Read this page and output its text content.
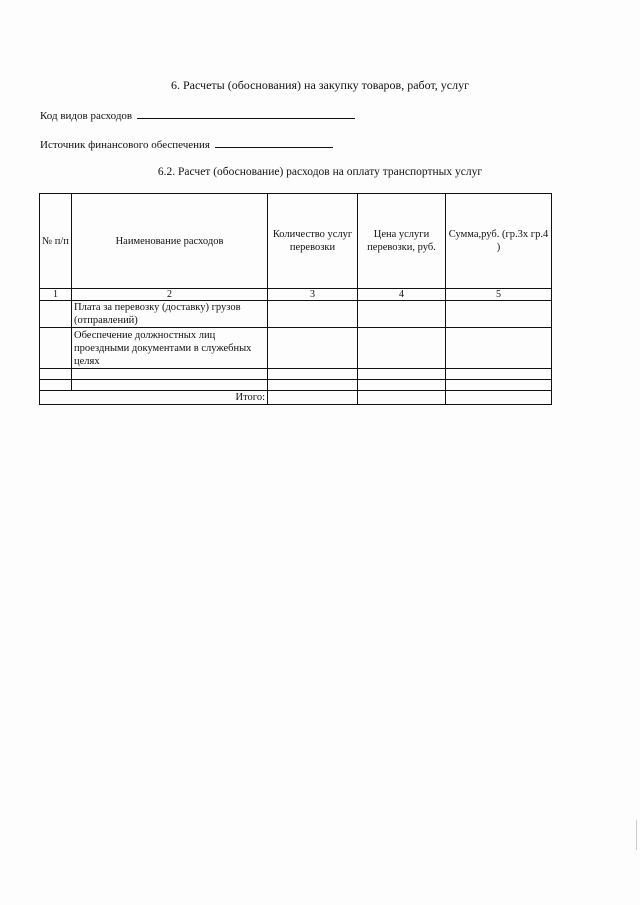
6. Расчеты (обоснования) на закупку товаров, работ, услуг
Код видов расходов
Источник финансового обеспечения
6.2. Расчет (обоснование) расходов на оплату транспортных услуг
№ п/п	Наименование расходов	Количество услуг перевозки	Цена услуги перевозки, руб.	Сумма,руб. (гр.3х гр.4 )
1	2	3	4	5
	Плата за перевозку (доставку) грузов (отправлений)			
	Обеспечение должностных лиц проездными документами в служебных целях			

Итого:				
